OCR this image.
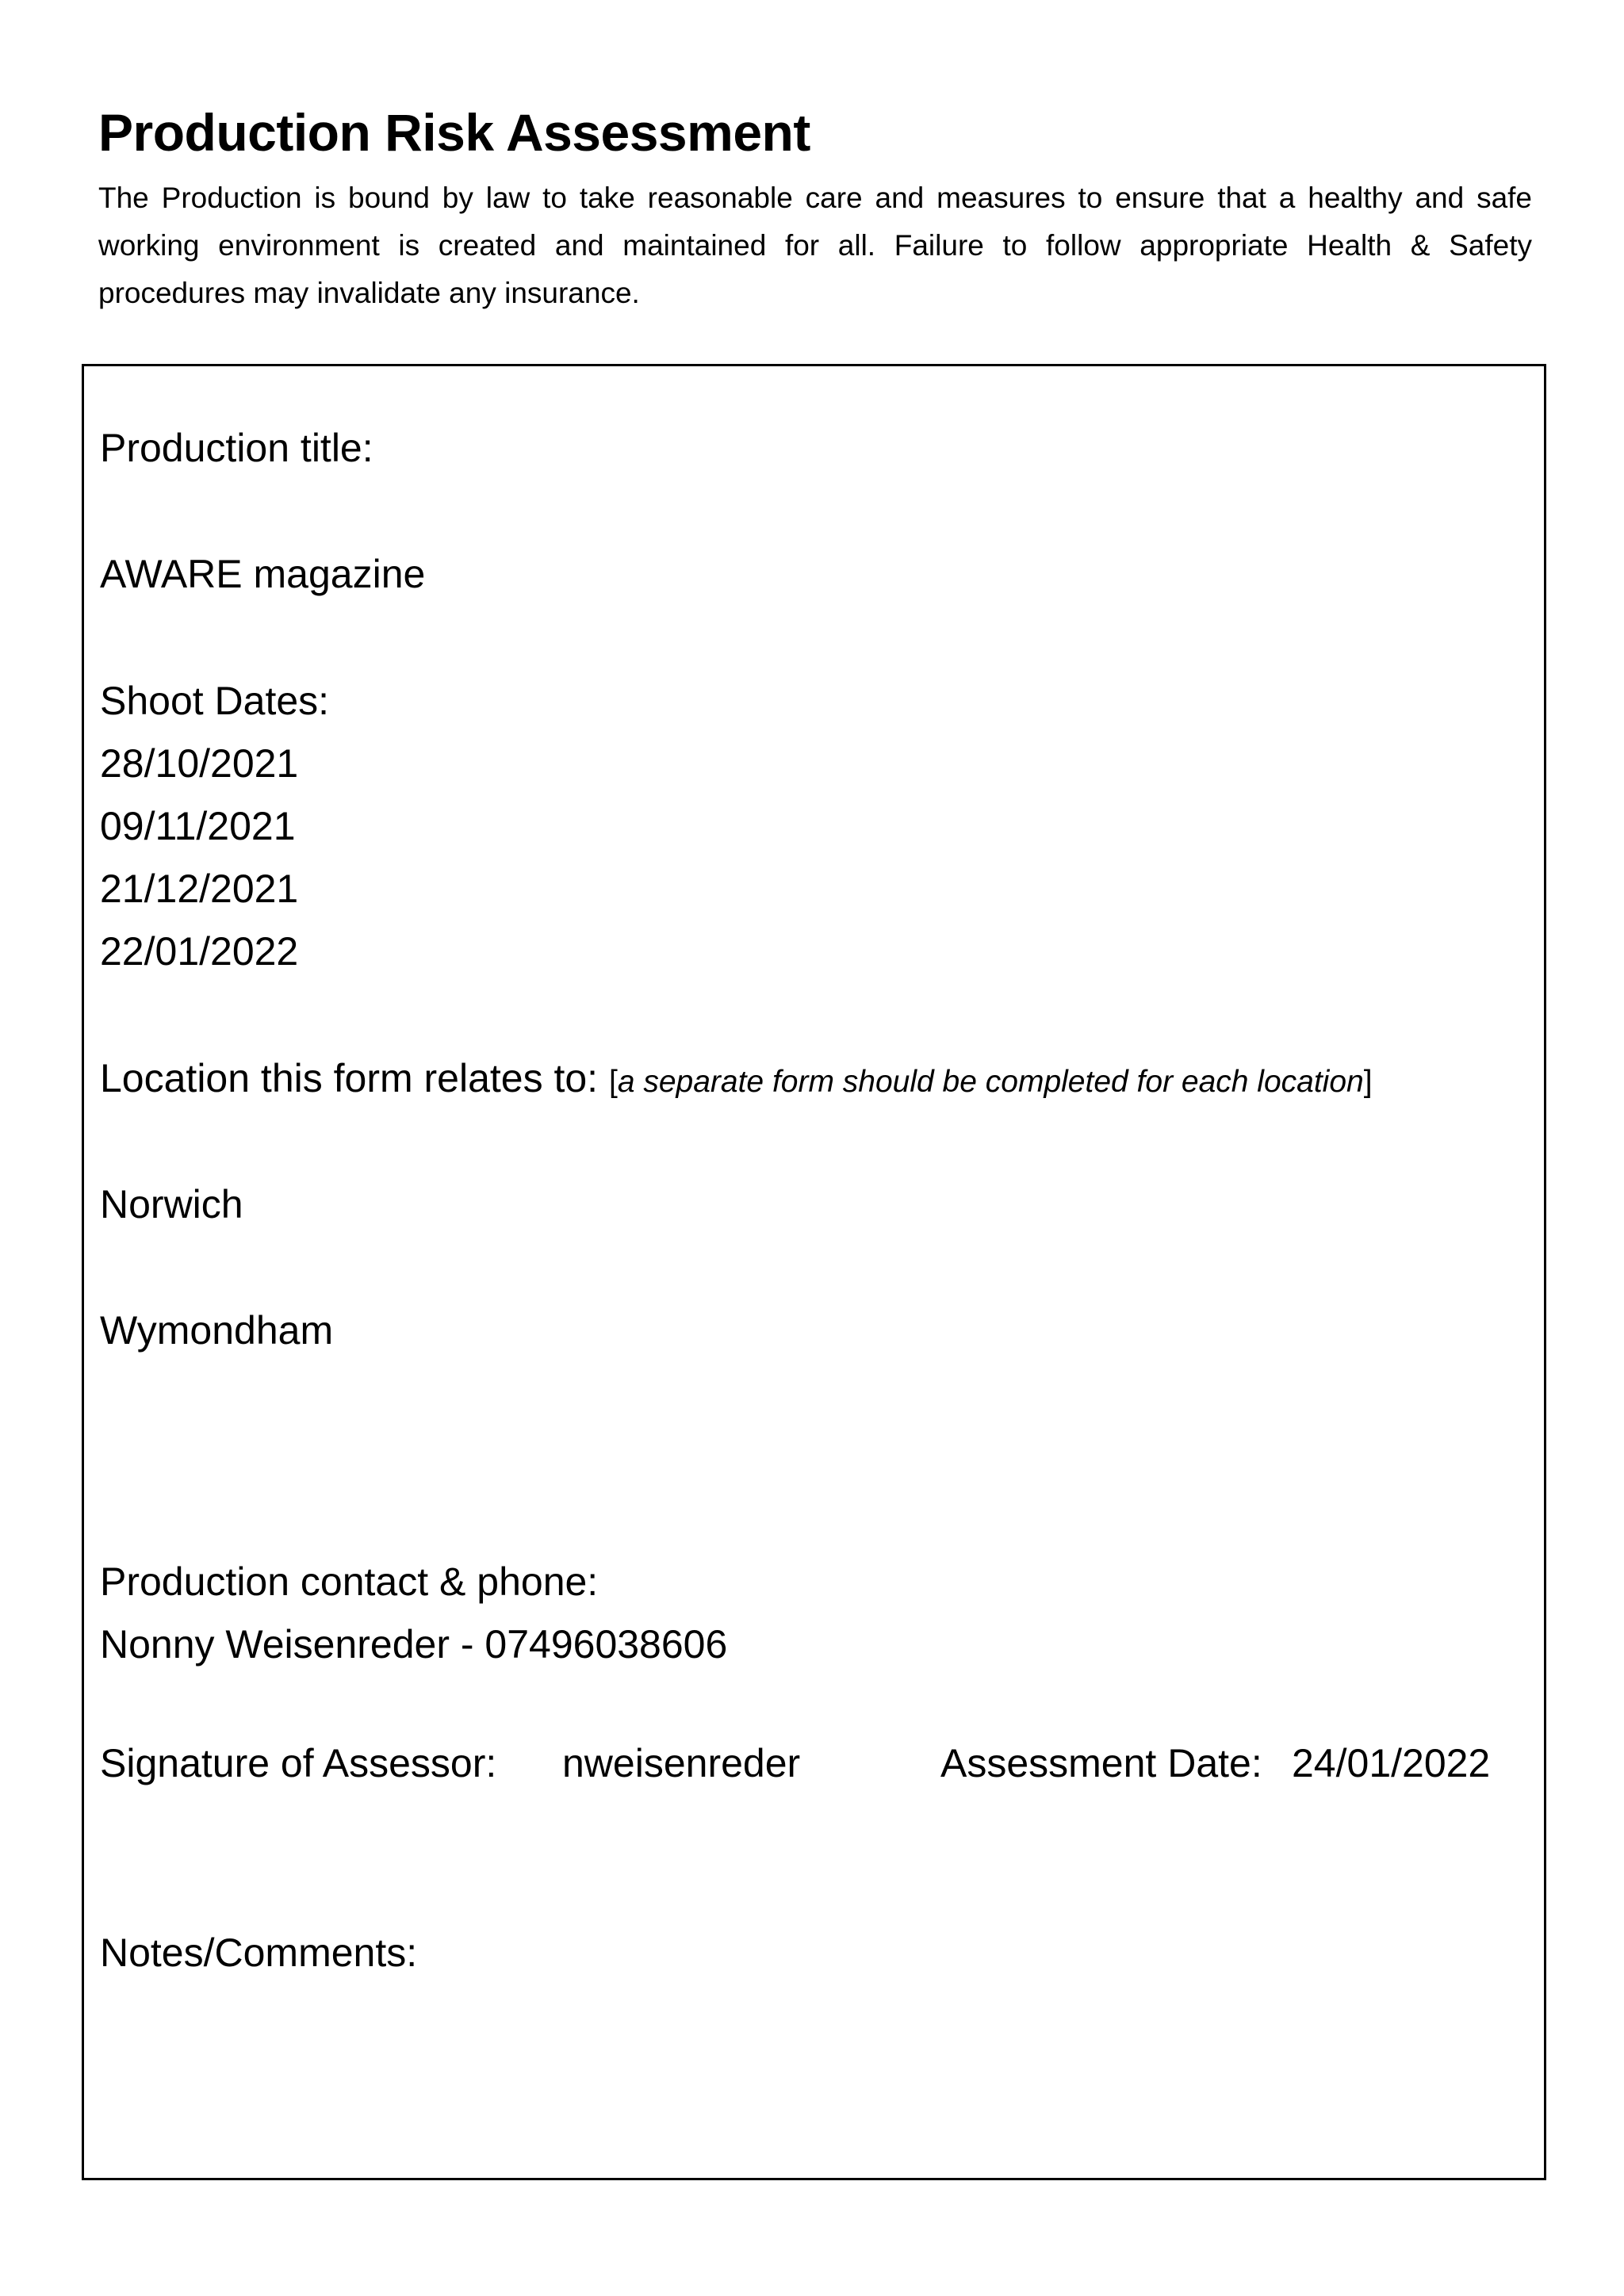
Production Risk Assessment

The Production is bound by law to take reasonable care and measures to ensure that a healthy and safe working environment is created and maintained for all. Failure to follow appropriate Health & Safety procedures may invalidate any insurance.

Production title:

AWARE magazine

Shoot Dates:

28/10/2021
09/11/2021
21/12/2021
22/01/2022

Location this form relates to: [a separate form should be completed for each location]

Norwich

Wymondham

Production contact & phone:

Nonny Weisenreder - 07496038606

Signature of Assessor: nweisenreder	Assessment Date: 24/01/2022

Notes/Comments:
